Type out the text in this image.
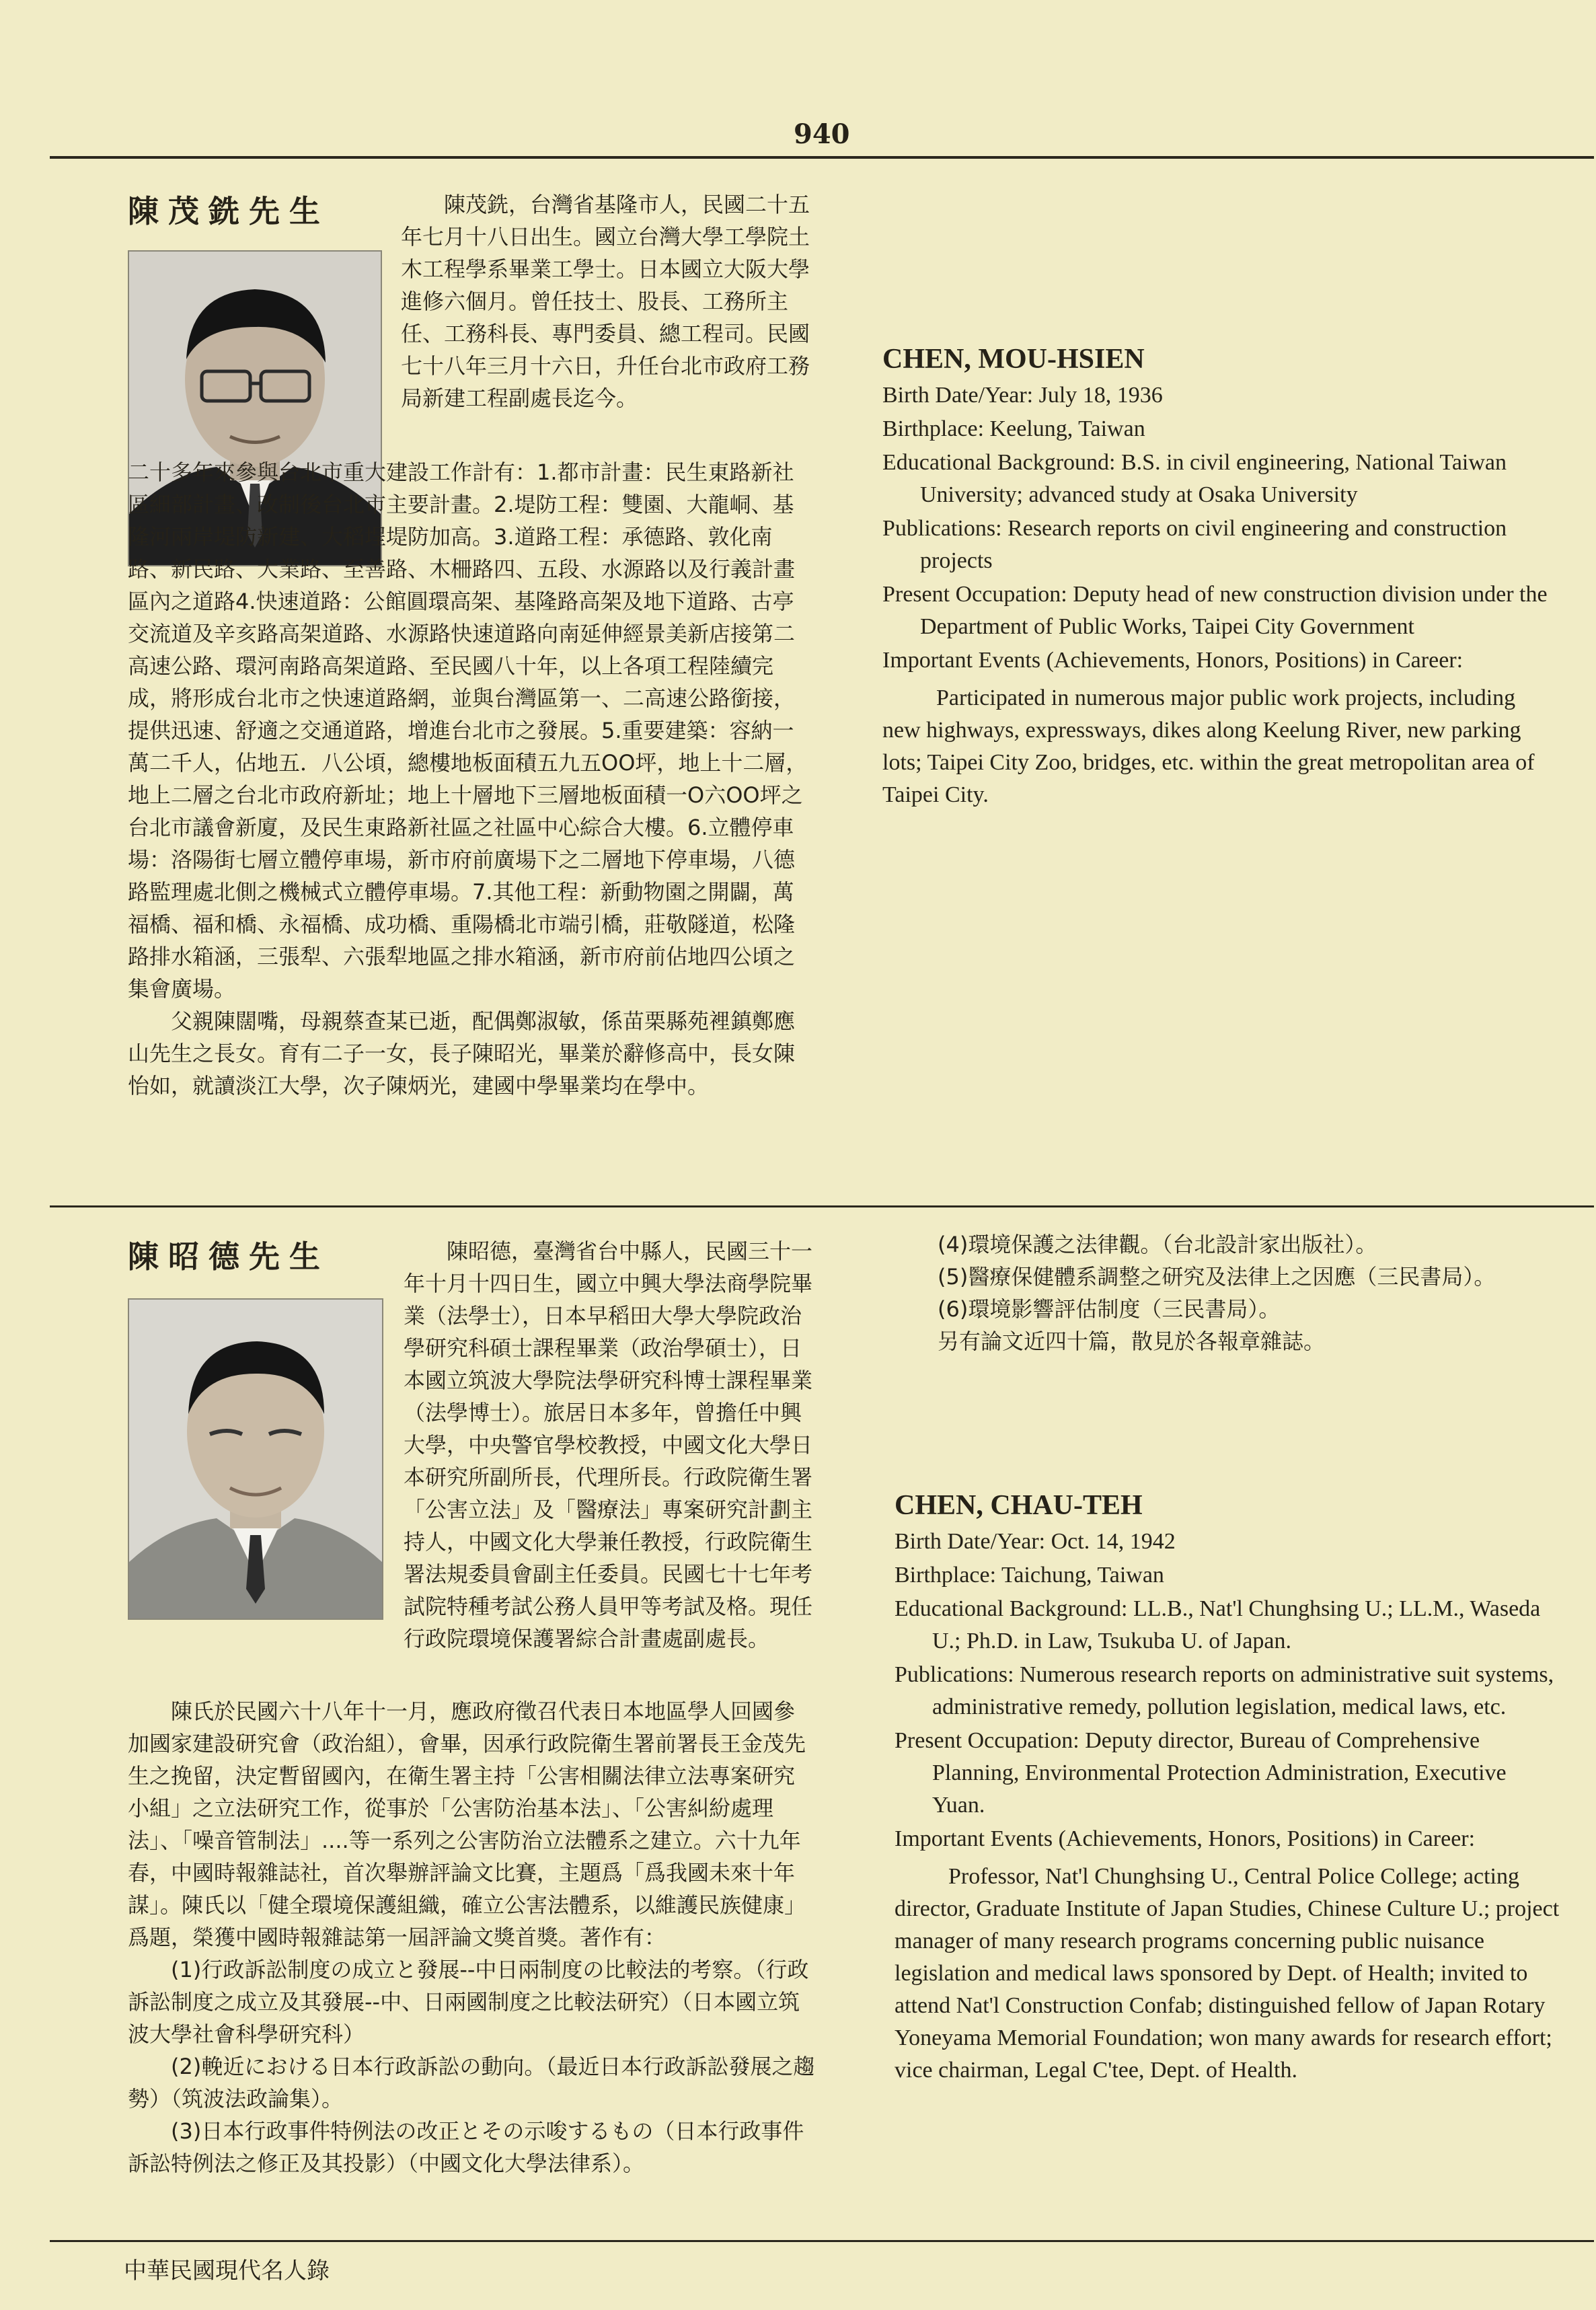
940
陳茂銑先生	陳茂銑，台灣省基隆市人，民國二十五年七月十八日出生。國立台灣大學工學院土木工程學系畢業工學士。日本國立大阪大學進修六個月。曾任技士、股長、工務所主任、工務科長、專門委員、總工程司。民國七十八年三月十六日，升任台北市政府工務局新建工程副處長迄今。

二十多年來參與台北市重大建設工作計有：1.都市計畫：民生東路新社區細部計畫、改制後台北市主要計畫。2.堤防工程：雙園、大龍峒、基隆河兩岸堤防新建、大稻埕堤防加高。3.道路工程：承德路、敦化南路、新民路、大業路、至善路、木柵路四、五段、水源路以及行義計畫區內之道路4.快速道路：公館圓環高架、基隆路高架及地下道路、古亭交流道及辛亥路高架道路、水源路快速道路向南延伸經景美新店接第二高速公路、環河南路高架道路、至民國八十年，以上各項工程陸續完成，將形成台北市之快速道路網，並與台灣區第一、二高速公路銜接，提供迅速、舒適之交通道路，增進台北市之發展。5.重要建築：容納一萬二千人，佔地五．八公頃，總樓地板面積五九五OO坪，地上十二層，地上二層之台北市政府新址；地上十層地下三層地板面積一O六OO坪之台北市議會新廈，及民生東路新社區之社區中心綜合大樓。6.立體停車場：洛陽街七層立體停車場，新市府前廣場下之二層地下停車場，八德路監理處北側之機械式立體停車場。7.其他工程：新動物園之開闢，萬福橋、福和橋、永福橋、成功橋、重陽橋北市端引橋，莊敬隧道，松隆路排水箱涵，三張犁、六張犁地區之排水箱涵，新市府前佔地四公頃之集會廣場。

父親陳闊嘴，母親蔡查某已逝，配偶鄭淑敏，係苗栗縣苑裡鎮鄭應山先生之長女。育有二子一女，長子陳昭光，畢業於辭修高中，長女陳怡如，就讀淡江大學，次子陳炳光，建國中學畢業均在學中。

CHEN, MOU-HSIEN

Birth Date/Year: July 18, 1936

Birthplace: Keelung, Taiwan

Educational Background: B.S. in civil engineering, National Taiwan University; advanced study at Osaka University

Publications: Research reports on civil engineering and construction projects

Present Occupation: Deputy head of new construction division under the Department of Public Works, Taipei City Government

Important Events (Achievements, Honors, Positions) in Career:

Participated in numerous major public work projects, including new highways, expressways, dikes along Keelung River, new parking lots; Taipei City Zoo, bridges, etc. within the great metropolitan area of Taipei City.

陳昭德先生	陳昭德，臺灣省台中縣人，民國三十一年十月十四日生，國立中興大學法商學院畢業（法學士），日本早稻田大學大學院政治學研究科碩士課程畢業（政治學碩士），日本國立筑波大學院法學研究科博士課程畢業（法學博士）。旅居日本多年，曾擔任中興大學，中央警官學校教授，中國文化大學日本研究所副所長，代理所長。行政院衛生署「公害立法」及「醫療法」專案研究計劃主持人，中國文化大學兼任教授，行政院衛生署法規委員會副主任委員。民國七十七年考試院特種考試公務人員甲等考試及格。現任行政院環境保護署綜合計畫處副處長。

陳氏於民國六十八年十一月，應政府徵召代表日本地區學人回國參加國家建設研究會（政治組），會畢，因承行政院衛生署前署長王金茂先生之挽留，決定暫留國內，在衛生署主持「公害相關法律立法專案研究小組」之立法研究工作，從事於「公害防治基本法」、「公害糾紛處理法」、「噪音管制法」....等一系列之公害防治立法體系之建立。六十九年春，中國時報雜誌社，首次舉辦評論文比賽，主題爲「爲我國未來十年謀」。陳氏以「健全環境保護組織，確立公害法體系，以維護民族健康」爲題，榮獲中國時報雜誌第一屆評論文獎首獎。著作有：

(1)行政訴訟制度の成立と發展--中日兩制度の比較法的考察。（行政訴訟制度之成立及其發展--中、日兩國制度之比較法研究）（日本國立筑波大學社會科學研究科）

(2)輓近における日本行政訴訟の動向。（最近日本行政訴訟發展之趨勢）（筑波法政論集）。

(3)日本行政事件特例法の改正とその示唆するもの（日本行政事件訴訟特例法之修正及其投影）（中國文化大學法律系）。

(4)環境保護之法律觀。（台北設計家出版社）。

(5)醫療保健體系調整之研究及法律上之因應（三民書局）。

(6)環境影響評估制度（三民書局）。

另有論文近四十篇，散見於各報章雜誌。

CHEN, CHAU-TEH

Birth Date/Year: Oct. 14, 1942

Birthplace: Taichung, Taiwan

Educational Background: LL.B., Nat'l Chunghsing U.; LL.M., Waseda U.; Ph.D. in Law, Tsukuba U. of Japan.

Publications: Numerous research reports on administrative suit systems, administrative remedy, pollution legislation, medical laws, etc.

Present Occupation: Deputy director, Bureau of Comprehensive Planning, Environmental Protection Administration, Executive Yuan.

Important Events (Achievements, Honors, Positions) in Career:

Professor, Nat'l Chunghsing U., Central Police College; acting director, Graduate Institute of Japan Studies, Chinese Culture U.; project manager of many research programs concerning public nuisance legislation and medical laws sponsored by Dept. of Health; invited to attend Nat'l Construction Confab; distinguished fellow of Japan Rotary Yoneyama Memorial Foundation; won many awards for research effort; vice chairman, Legal C'tee, Dept. of Health.

中華民國現代名人錄
